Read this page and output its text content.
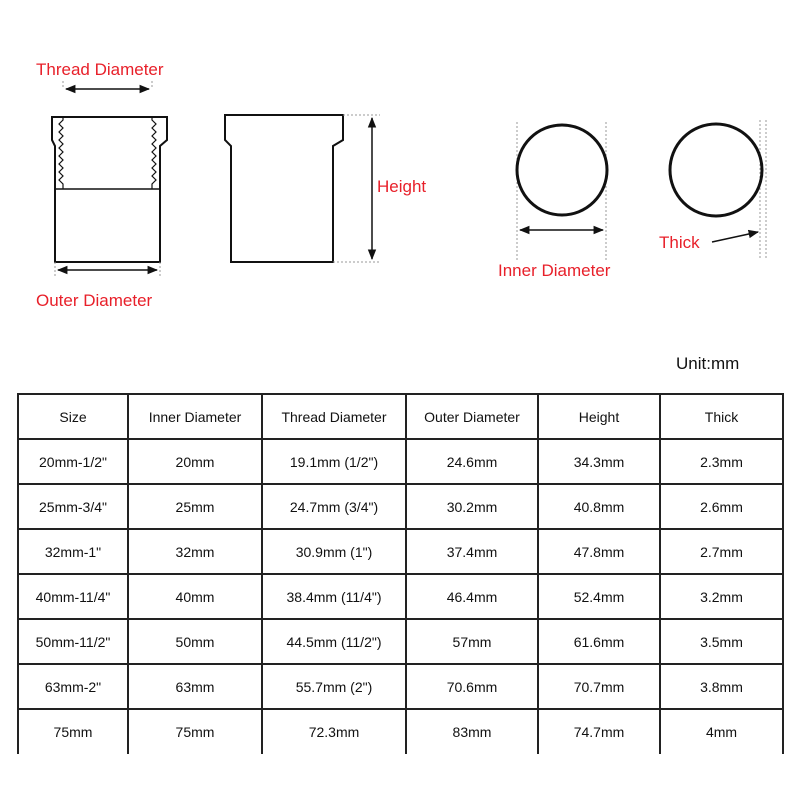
Thread Diameter
Outer Diameter
Height
Inner Diameter
Thick
Unit:mm
Size	Inner Diameter	Thread Diameter	Outer Diameter	Height	Thick
20mm-1/2"	20mm	19.1mm (1/2")	24.6mm	34.3mm	2.3mm
25mm-3/4"	25mm	24.7mm (3/4")	30.2mm	40.8mm	2.6mm
32mm-1"	32mm	30.9mm (1")	37.4mm	47.8mm	2.7mm
40mm-11/4"	40mm	38.4mm (11/4")	46.4mm	52.4mm	3.2mm
50mm-11/2"	50mm	44.5mm (11/2")	57mm	61.6mm	3.5mm
63mm-2"	63mm	55.7mm (2")	70.6mm	70.7mm	3.8mm
75mm	75mm	72.3mm	83mm	74.7mm	4mm
